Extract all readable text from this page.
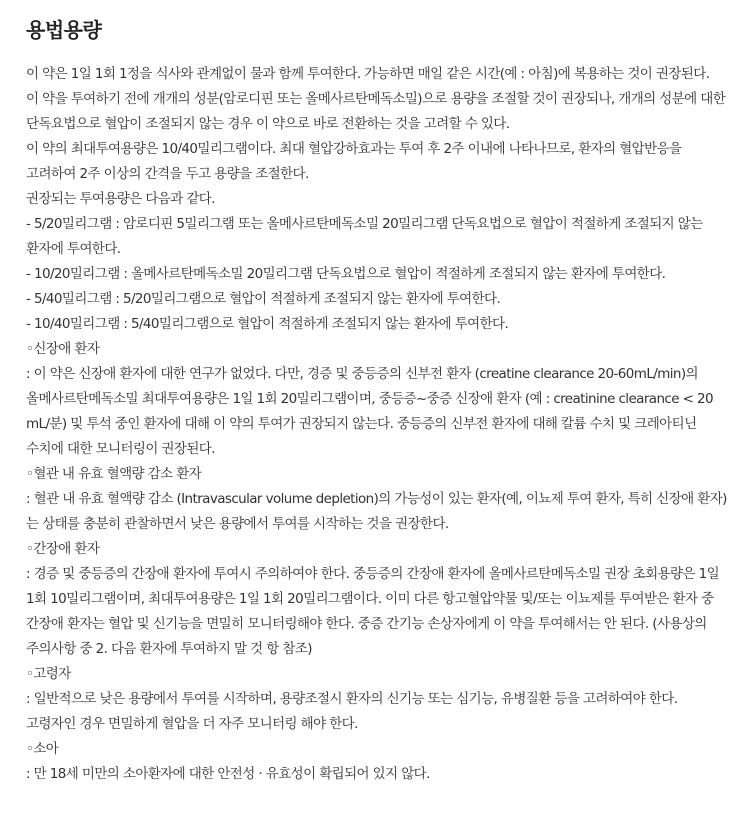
용법용량

이 약은 1일 1회 1정을 식사와 관계없이 물과 함께 투여한다. 가능하면 매일 같은 시간(예 : 아침)에 복용하는 것이 권장된다.

이 약을 투여하기 전에 개개의 성분(암로디핀 또는 올메사르탄메독소밀)으로 용량을 조절할 것이 권장되나, 개개의 성분에 대한 단독요법으로 혈압이 조절되지 않는 경우 이 약으로 바로 전환하는 것을 고려할 수 있다.

이 약의 최대투여용량은 10/40밀리그램이다. 최대 혈압강하효과는 투여 후 2주 이내에 나타나므로, 환자의 혈압반응을 고려하여 2주 이상의 간격을 두고 용량을 조절한다.

권장되는 투여용량은 다음과 같다.

- 5/20밀리그램 : 암로디핀 5밀리그램 또는 올메사르탄메독소밀 20밀리그램 단독요법으로 혈압이 적절하게 조절되지 않는 환자에 투여한다.

- 10/20밀리그램 : 올메사르탄메독소밀 20밀리그램 단독요법으로 혈압이 적절하게 조절되지 않는 환자에 투여한다.

- 5/40밀리그램 : 5/20밀리그램으로 혈압이 적절하게 조절되지 않는 환자에 투여한다.

- 10/40밀리그램 : 5/40밀리그램으로 혈압이 적절하게 조절되지 않는 환자에 투여한다.

◦신장애 환자

: 이 약은 신장애 환자에 대한 연구가 없었다. 다만, 경증 및 중등증의 신부전 환자 (creatine clearance 20-60mL/min)의 올메사르탄메독소밀 최대투여용량은 1일 1회 20밀리그램이며, 중등증~중증 신장애 환자 (예 : creatinine clearance < 20 mL/분) 및 투석 중인 환자에 대해 이 약의 투여가 권장되지 않는다. 중등증의 신부전 환자에 대해 칼륨 수치 및 크레아티닌 수치에 대한 모니터링이 권장된다.

◦혈관 내 유효 혈액량 감소 환자

: 혈관 내 유효 혈액량 감소 (Intravascular volume depletion)의 가능성이 있는 환자(예, 이뇨제 투여 환자, 특히 신장애 환자)는 상태를 충분히 관찰하면서 낮은 용량에서 투여를 시작하는 것을 권장한다.

◦간장애 환자

: 경증 및 중등증의 간장애 환자에 투여시 주의하여야 한다. 중등증의 간장애 환자에 올메사르탄메독소밀 권장 초회용량은 1일 1회 10밀리그램이며, 최대투여용량은 1일 1회 20밀리그램이다. 이미 다른 항고혈압약물 및/또는 이뇨제를 투여받은 환자 중 간장애 환자는 혈압 및 신기능을 면밀히 모니터링해야 한다. 중증 간기능 손상자에게 이 약을 투여해서는 안 된다. (사용상의 주의사항 중 2. 다음 환자에 투여하지 말 것 항 참조)

◦고령자

: 일반적으로 낮은 용량에서 투여를 시작하며, 용량조절시 환자의 신기능 또는 심기능, 유병질환 등을 고려하여야 한다. 고령자인 경우 면밀하게 혈압을 더 자주 모니터링 해야 한다.

◦소아

: 만 18세 미만의 소아환자에 대한 안전성 · 유효성이 확립되어 있지 않다.
